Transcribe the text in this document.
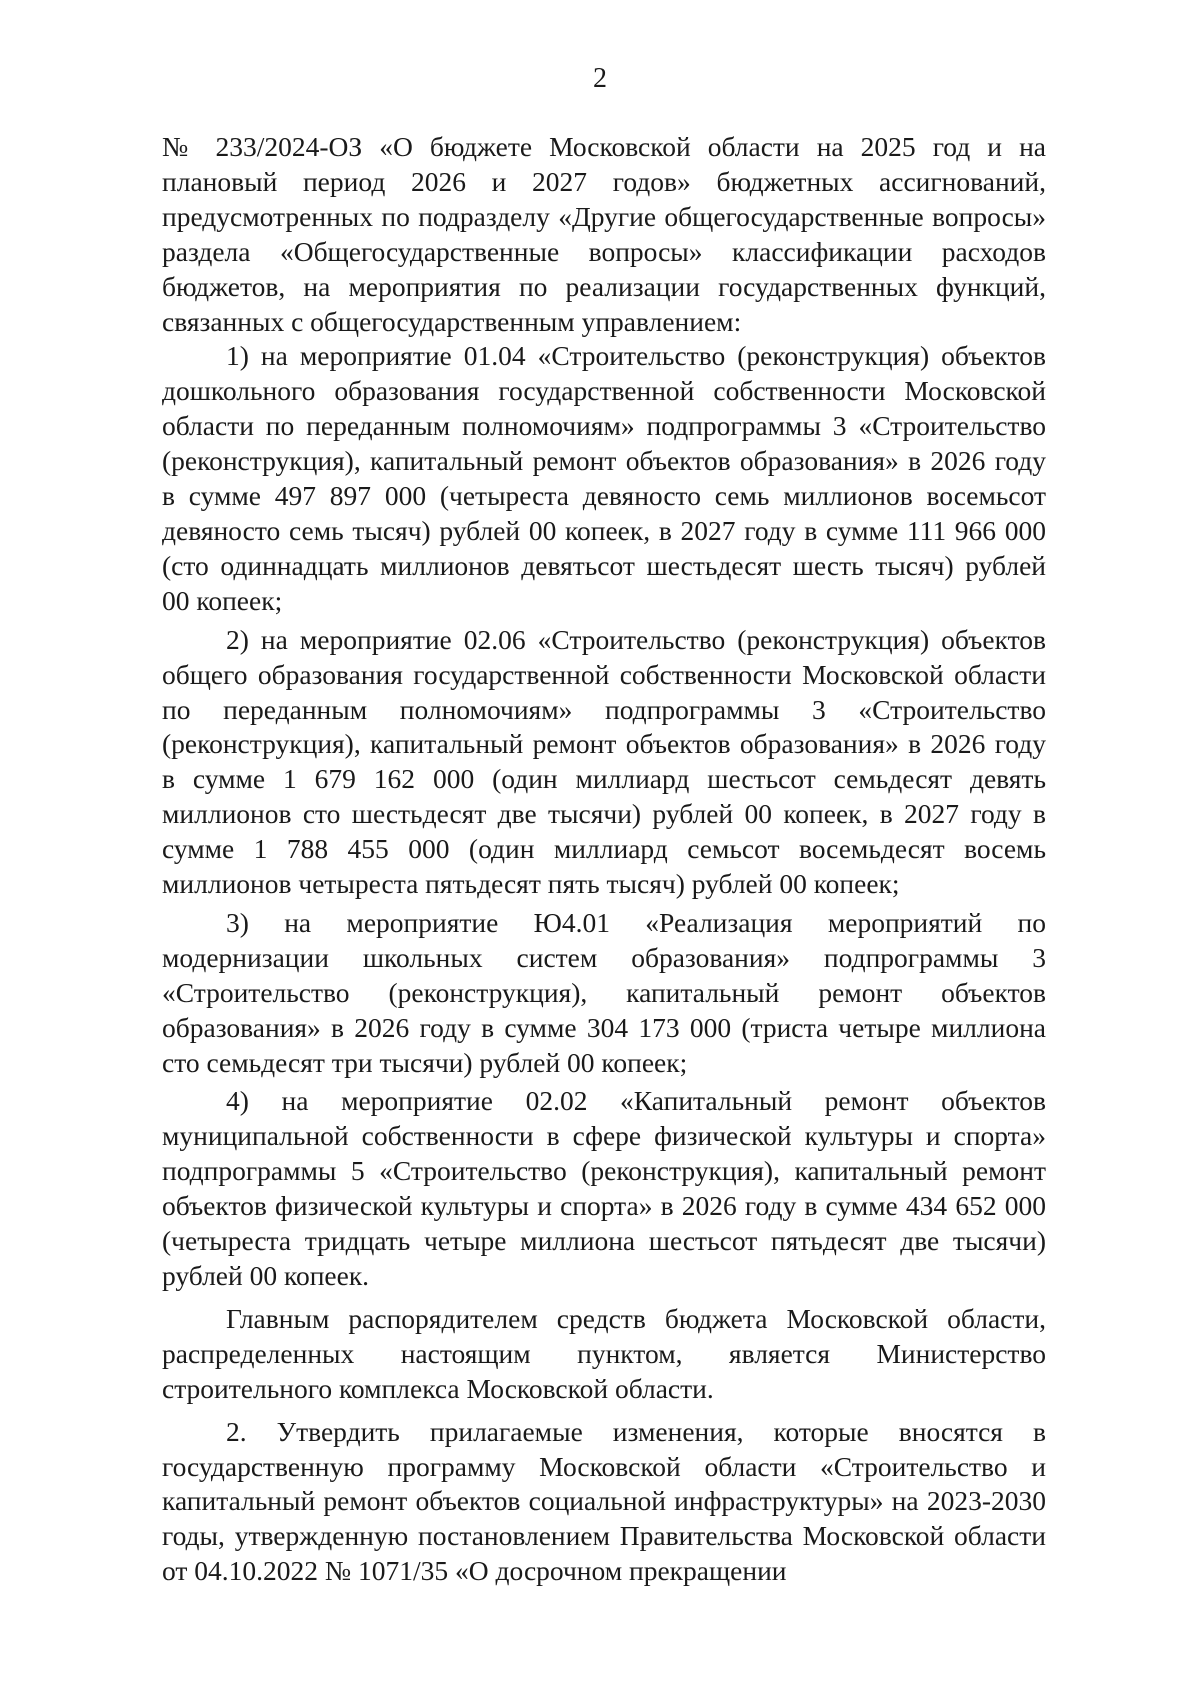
2

№ 233/2024-ОЗ «О бюджете Московской области на 2025 год и на плановый период 2026 и 2027 годов» бюджетных ассигнований, предусмотренных по подразделу «Другие общегосударственные вопросы» раздела «Общегосударственные вопросы» классификации расходов бюджетов, на мероприятия по реализации государственных функций, связанных с общегосударственным управлением:

1) на мероприятие 01.04 «Строительство (реконструкция) объектов дошкольного образования государственной собственности Московской области по переданным полномочиям» подпрограммы 3 «Строительство (реконструкция), капитальный ремонт объектов образования» в 2026 году в сумме 497 897 000 (четыреста девяносто семь миллионов восемьсот девяносто семь тысяч) рублей 00 копеек, в 2027 году в сумме 111 966 000 (сто одиннадцать миллионов девятьсот шестьдесят шесть тысяч) рублей 00 копеек;

2) на мероприятие 02.06 «Строительство (реконструкция) объектов общего образования государственной собственности Московской области по переданным полномочиям» подпрограммы 3 «Строительство (реконструкция), капитальный ремонт объектов образования» в 2026 году в сумме 1 679 162 000 (один миллиард шестьсот семьдесят девять миллионов сто шестьдесят две тысячи) рублей 00 копеек, в 2027 году в сумме 1 788 455 000 (один миллиард семьсот восемьдесят восемь миллионов четыреста пятьдесят пять тысяч) рублей 00 копеек;

3) на мероприятие Ю4.01 «Реализация мероприятий по модернизации школьных систем образования» подпрограммы 3 «Строительство (реконструкция), капитальный ремонт объектов образования» в 2026 году в сумме 304 173 000 (триста четыре миллиона сто семьдесят три тысячи) рублей 00 копеек;

4) на мероприятие 02.02 «Капитальный ремонт объектов муниципальной собственности в сфере физической культуры и спорта» подпрограммы 5 «Строительство (реконструкция), капитальный ремонт объектов физической культуры и спорта» в 2026 году в сумме 434 652 000 (четыреста тридцать четыре миллиона шестьсот пятьдесят две тысячи) рублей 00 копеек.

Главным распорядителем средств бюджета Московской области, распределенных настоящим пунктом, является Министерство строительного комплекса Московской области.

2. Утвердить прилагаемые изменения, которые вносятся в государственную программу Московской области «Строительство и капитальный ремонт объектов социальной инфраструктуры» на 2023-2030 годы, утвержденную постановлением Правительства Московской области от 04.10.2022 № 1071/35 «О досрочном прекращении
